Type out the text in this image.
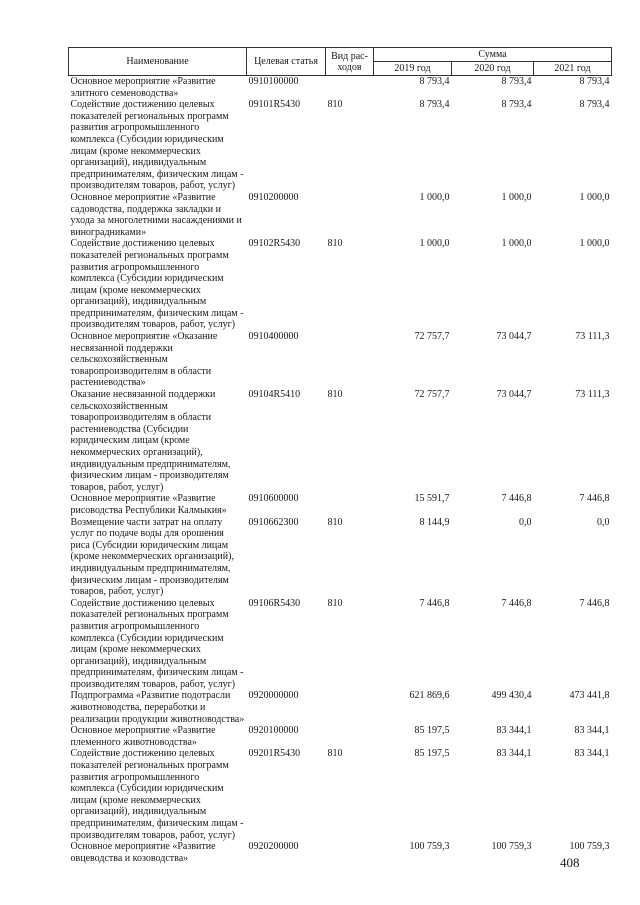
Наименование	Целевая статья	Вид рас-ходов	Сумма		
			2019 год	2020 год	2021 год
Основное мероприятие «Развитие элитного семеноводства»	0910100000		8 793,4	8 793,4	8 793,4
Содействие достижению целевых показателей региональных программ развития агропромышленного комплекса (Субсидии юридическим лицам (кроме некоммерческих организаций), индивидуальным предпринимателям, физическим лицам - производителям товаров, работ, услуг)	09101R5430	810	8 793,4	8 793,4	8 793,4
Основное мероприятие «Развитие садоводства, поддержка закладки и ухода за многолетними насаждениями и виноградниками»	0910200000		1 000,0	1 000,0	1 000,0
Содействие достижению целевых показателей региональных программ развития агропромышленного комплекса (Субсидии юридическим лицам (кроме некоммерческих организаций), индивидуальным предпринимателям, физическим лицам - производителям товаров, работ, услуг)	09102R5430	810	1 000,0	1 000,0	1 000,0
Основное мероприятие «Оказание несвязанной поддержки сельскохозяйственным товаропроизводителям в области растениеводства»	0910400000		72 757,7	73 044,7	73 111,3
Оказание несвязанной поддержки сельскохозяйственным товаропроизводителям в области растениеводства (Субсидии юридическим лицам (кроме некоммерческих организаций), индивидуальным предпринимателям, физическим лицам - производителям товаров, работ, услуг)	09104R5410	810	72 757,7	73 044,7	73 111,3
Основное мероприятие «Развитие рисоводства Республики Калмыкия»	0910600000		15 591,7	7 446,8	7 446,8
Возмещение части затрат на оплату услуг по подаче воды для орошения риса (Субсидии юридическим лицам (кроме некоммерческих организаций), индивидуальным предпринимателям, физическим лицам - производителям товаров, работ, услуг)	0910662300	810	8 144,9	0,0	0,0
Содействие достижению целевых показателей региональных программ развития агропромышленного комплекса (Субсидии юридическим лицам (кроме некоммерческих организаций), индивидуальным предпринимателям, физическим лицам - производителям товаров, работ, услуг)	09106R5430	810	7 446,8	7 446,8	7 446,8
Подпрограмма «Развитие подотрасли животноводства, переработки и реализации продукции животноводства»	0920000000		621 869,6	499 430,4	473 441,8
Основное мероприятие «Развитие племенного животноводства»	0920100000		85 197,5	83 344,1	83 344,1
Содействие достижению целевых показателей региональных программ развития агропромышленного комплекса (Субсидии юридическим лицам (кроме некоммерческих организаций), индивидуальным предпринимателям, физическим лицам - производителям товаров, работ, услуг)	09201R5430	810	85 197,5	83 344,1	83 344,1
Основное мероприятие «Развитие овцеводства и козоводства»	0920200000		100 759,3	100 759,3	100 759,3
408
